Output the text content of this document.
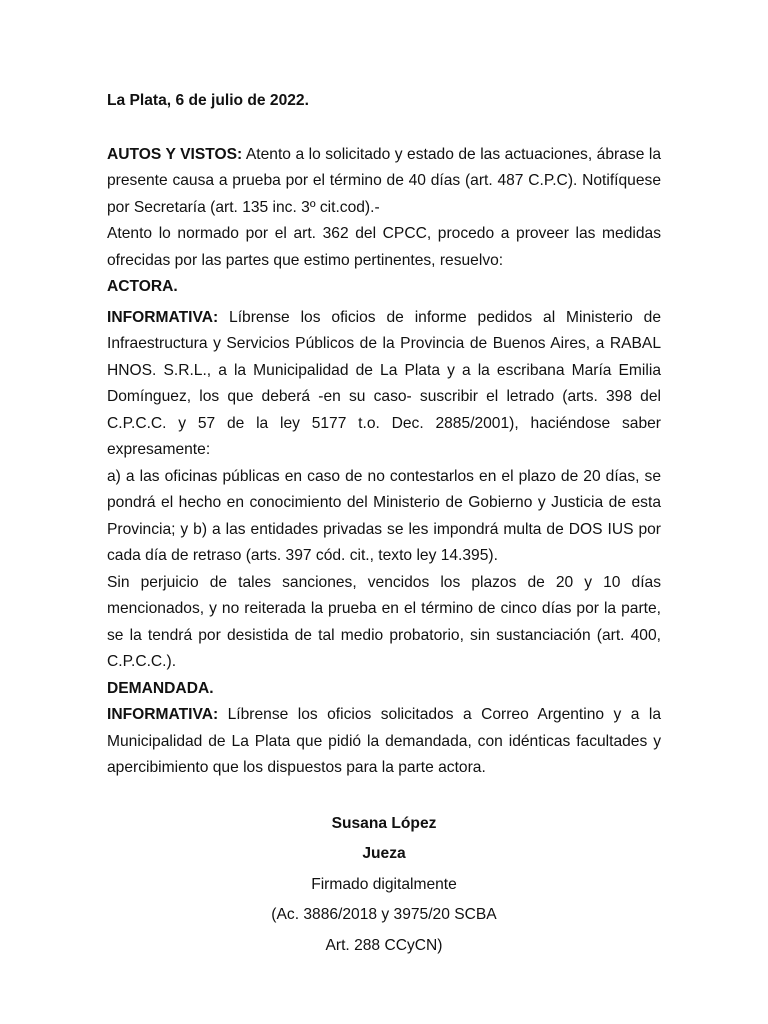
La Plata, 6 de julio de 2022.

AUTOS Y VISTOS: Atento a lo solicitado y estado de las actuaciones, ábrase la presente causa a prueba por el término de 40 días (art. 487 C.P.C). Notifíquese por Secretaría (art. 135 inc. 3º cit.cod).-

Atento lo normado por el art. 362 del CPCC, procedo a proveer las medidas ofrecidas por las partes que estimo pertinentes, resuelvo:

ACTORA.

INFORMATIVA: Líbrense los oficios de informe pedidos al Ministerio de Infraestructura y Servicios Públicos de la Provincia de Buenos Aires, a RABAL HNOS. S.R.L., a la Municipalidad de La Plata y a la escribana María Emilia Domínguez, los que deberá -en su caso- suscribir el letrado (arts. 398 del C.P.C.C. y 57 de la ley 5177 t.o. Dec. 2885/2001), haciéndose saber expresamente:

a) a las oficinas públicas en caso de no contestarlos en el plazo de 20 días, se pondrá el hecho en conocimiento del Ministerio de Gobierno y Justicia de esta Provincia; y b) a las entidades privadas se les impondrá multa de DOS IUS por cada día de retraso (arts. 397 cód. cit., texto ley 14.395).

Sin perjuicio de tales sanciones, vencidos los plazos de 20 y 10 días mencionados, y no reiterada la prueba en el término de cinco días por la parte, se la tendrá por desistida de tal medio probatorio, sin sustanciación (art. 400, C.P.C.C.).

DEMANDADA.

INFORMATIVA: Líbrense los oficios solicitados a Correo Argentino y a la Municipalidad de La Plata que pidió la demandada, con idénticas facultades y apercibimiento que los dispuestos para la parte actora.

Susana López
Jueza
Firmado digitalmente
(Ac. 3886/2018 y 3975/20 SCBA
Art. 288 CCyCN)
